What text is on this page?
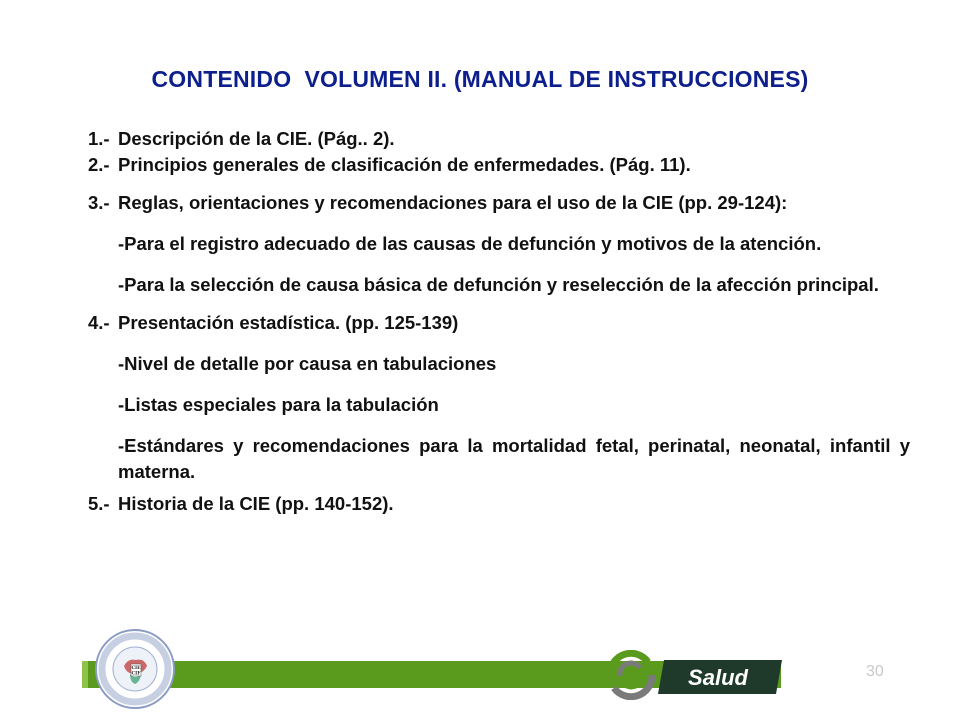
CONTENIDO  VOLUMEN II. (MANUAL DE INSTRUCCIONES)
1.- Descripción de la CIE. (Pág.. 2).
2.- Principios generales de clasificación de enfermedades. (Pág. 11).
3.- Reglas, orientaciones y recomendaciones para el uso de la CIE (pp. 29-124):
-Para el registro adecuado de las causas de defunción y motivos de la atención.
-Para la selección de causa básica de defunción y reselección de la afección principal.
4.- Presentación estadística. (pp. 125-139)
-Nivel de detalle por causa en tabulaciones
-Listas especiales para la tabulación
-Estándares y recomendaciones para la mortalidad fetal, perinatal, neonatal, infantil y materna.
5.- Historia de la CIE (pp. 140-152).
CIE
CIF	Salud	30
